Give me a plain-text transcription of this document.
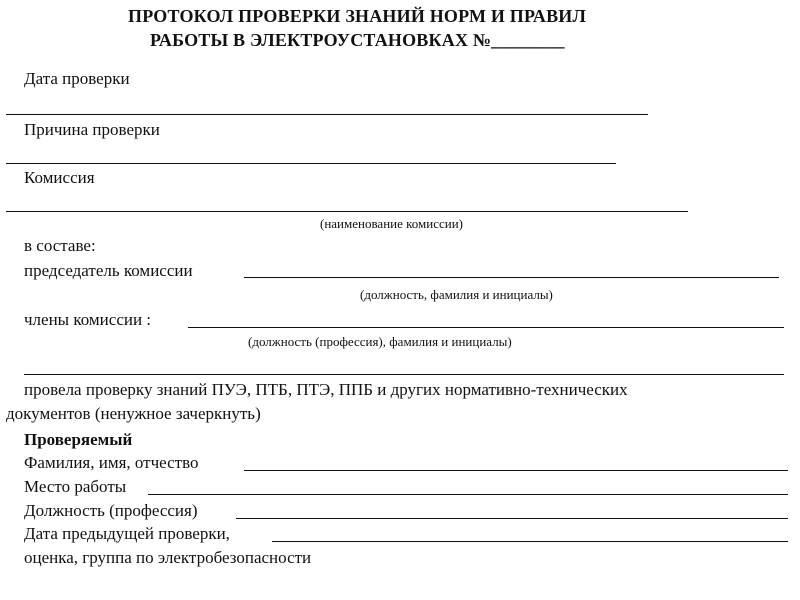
ПРОТОКОЛ ПРОВЕРКИ ЗНАНИЙ НОРМ И ПРАВИЛ
РАБОТЫ В ЭЛЕКТРОУСТАНОВКАХ №________
Дата проверки
Причина проверки
Комиссия
(наименование комиссии)
в составе:
председатель комиссии
(должность, фамилия и инициалы)
члены комиссии :
(должность (профессия), фамилия и инициалы)
провела проверку знаний ПУЭ, ПТБ, ПТЭ, ППБ и других нормативно-технических
документов (ненужное зачеркнуть)
Проверяемый
Фамилия, имя, отчество
Место работы
Должность (профессия)
Дата предыдущей проверки,
оценка, группа по электробезопасности
